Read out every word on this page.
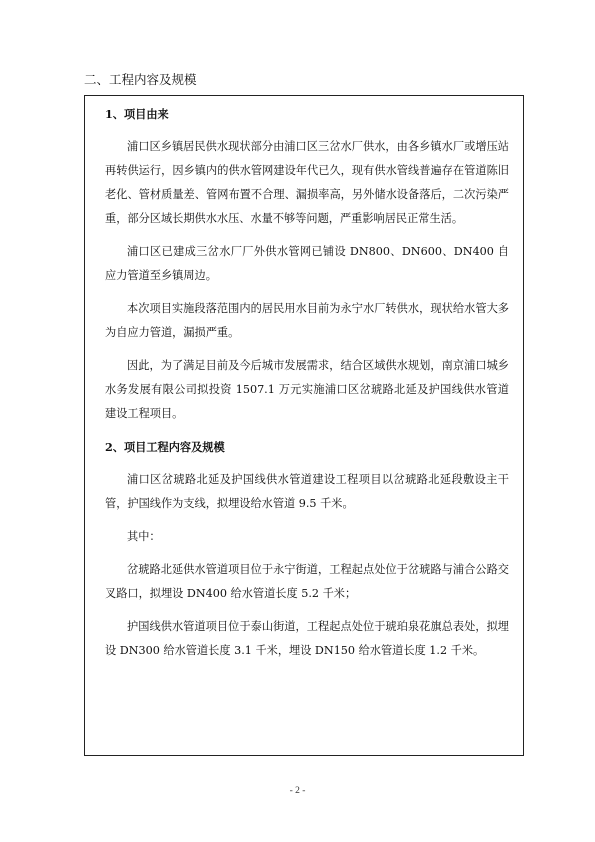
二、工程内容及规模
1、项目由来

浦口区乡镇居民供水现状部分由浦口区三岔水厂供水，由各乡镇水厂或增压站再转供运行，因乡镇内的供水管网建设年代已久，现有供水管线普遍存在管道陈旧老化、管材质量差、管网布置不合理、漏损率高，另外储水设备落后，二次污染严重，部分区域长期供水水压、水量不够等问题，严重影响居民正常生活。

浦口区已建成三岔水厂厂外供水管网已铺设 DN800、DN600、DN400 自应力管道至乡镇周边。

本次项目实施段落范围内的居民用水目前为永宁水厂转供水，现状给水管大多为自应力管道，漏损严重。

因此，为了满足目前及今后城市发展需求，结合区域供水规划，南京浦口城乡水务发展有限公司拟投资 1507.1 万元实施浦口区岔琥路北延及护国线供水管道建设工程项目。

2、项目工程内容及规模

浦口区岔琥路北延及护国线供水管道建设工程项目以岔琥路北延段敷设主干管，护国线作为支线，拟埋设给水管道 9.5 千米。

其中：

岔琥路北延供水管道项目位于永宁街道，工程起点处位于岔琥路与浦合公路交叉路口，拟埋设 DN400 给水管道长度 5.2 千米；

护国线供水管道项目位于泰山街道，工程起点处位于琥珀泉花旗总表处，拟埋设 DN300 给水管道长度 3.1 千米，埋设 DN150 给水管道长度 1.2 千米。

- 2 -
